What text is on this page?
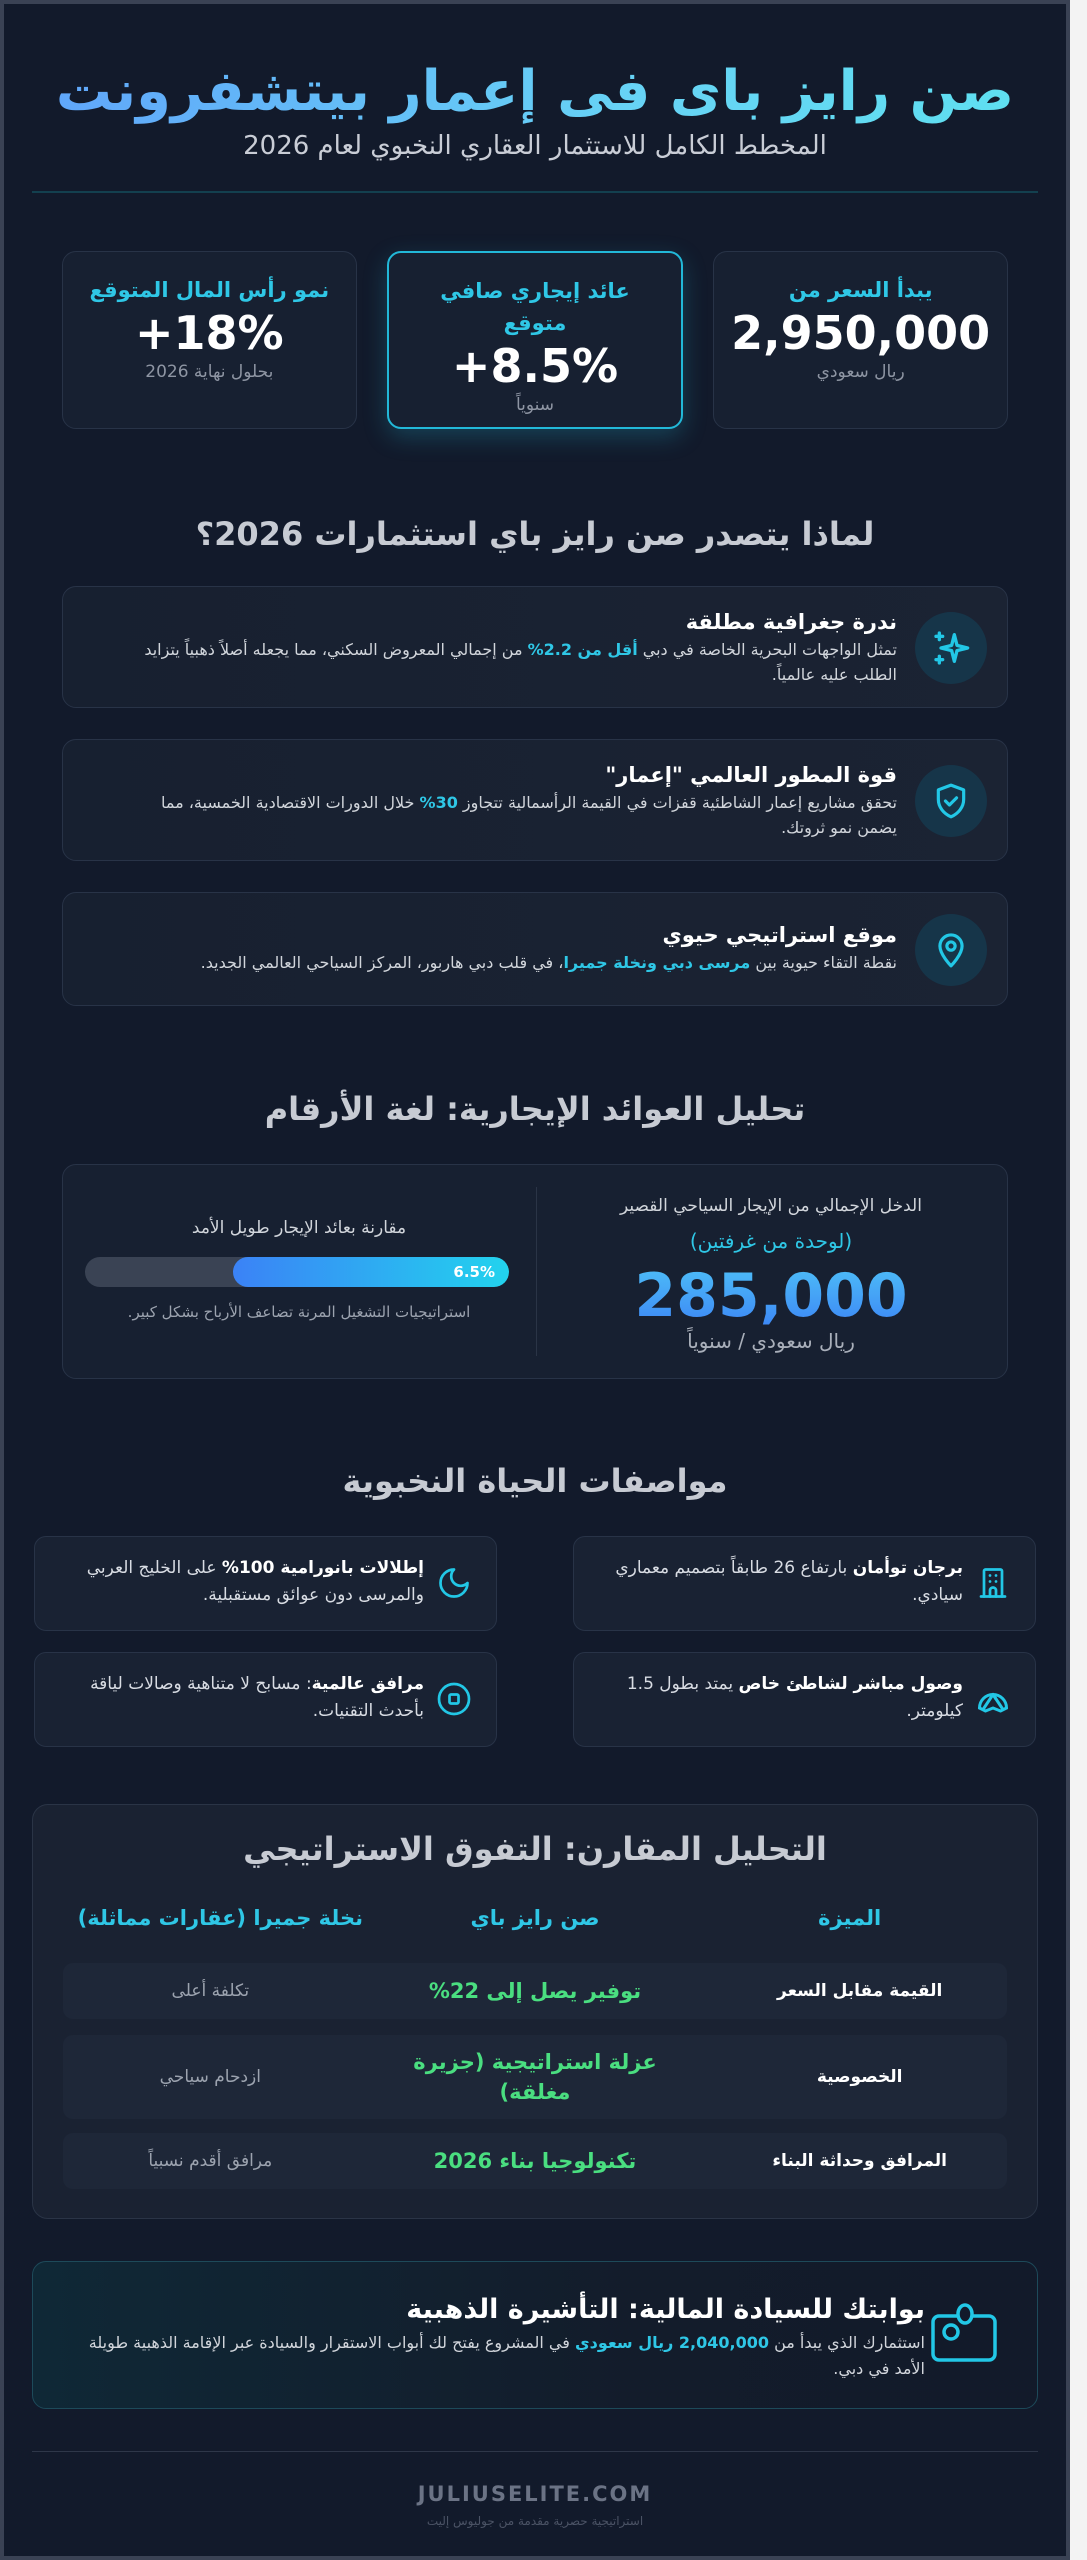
صن رايز باى فى إعمار بيتشفرونت
المخطط الكامل للاستثمار العقاري النخبوي لعام 2026
يبدأ السعر من
2,950,000
ريال سعودي
عائد إيجاري صافي متوقع
+8.5%
سنوياً
نمو رأس المال المتوقع
+18%
بحلول نهاية 2026
لماذا يتصدر صن رايز باي استثمارات 2026؟
ندرة جغرافية مطلقة
تمثل الواجهات البحرية الخاصة في دبي أقل من 2.2% من إجمالي المعروض السكني، مما يجعله أصلاً ذهبياً يتزايد الطلب عليه عالمياً.
قوة المطور العالمي "إعمار"
تحقق مشاريع إعمار الشاطئية قفزات في القيمة الرأسمالية تتجاوز 30% خلال الدورات الاقتصادية الخمسية، مما يضمن نمو ثروتك.
موقع استراتيجي حيوي
نقطة التقاء حيوية بين مرسى دبي ونخلة جميرا، في قلب دبي هاربور، المركز السياحي العالمي الجديد.
تحليل العوائد الإيجارية: لغة الأرقام
الدخل الإجمالي من الإيجار السياحي القصير
(لوحدة من غرفتين)
285,000
ريال سعودي / سنوياً
مقارنة بعائد الإيجار طويل الأمد
6.5%
استراتيجيات التشغيل المرنة تضاعف الأرباح بشكل كبير.
مواصفات الحياة النخبوية
برجان توأمان بارتفاع 26 طابقاً بتصميم معماري سيادي.
إطلالات بانورامية 100% على الخليج العربي والمرسى دون عوائق مستقبلية.
وصول مباشر لشاطئ خاص يمتد بطول 1.5 كيلومتر.
مرافق عالمية: مسابح لا متناهية وصالات لياقة بأحدث التقنيات.
التحليل المقارن: التفوق الاستراتيجي
الميزة
صن رايز باي
نخلة جميرا (عقارات مماثلة)
القيمة مقابل السعر
توفير يصل إلى 22%
تكلفة أعلى
الخصوصية
عزلة استراتيجية (جزيرة مغلقة)
ازدحام سياحي
المرافق وحداثة البناء
تكنولوجيا بناء 2026
مرافق أقدم نسبياً
بوابتك للسيادة المالية: التأشيرة الذهبية
استثمارك الذي يبدأ من 2,040,000 ريال سعودي في المشروع يفتح لك أبواب الاستقرار والسيادة عبر الإقامة الذهبية طويلة الأمد في دبي.
JULIUSELITE.COM
استراتيجية حصرية مقدمة من جوليوس إليت
